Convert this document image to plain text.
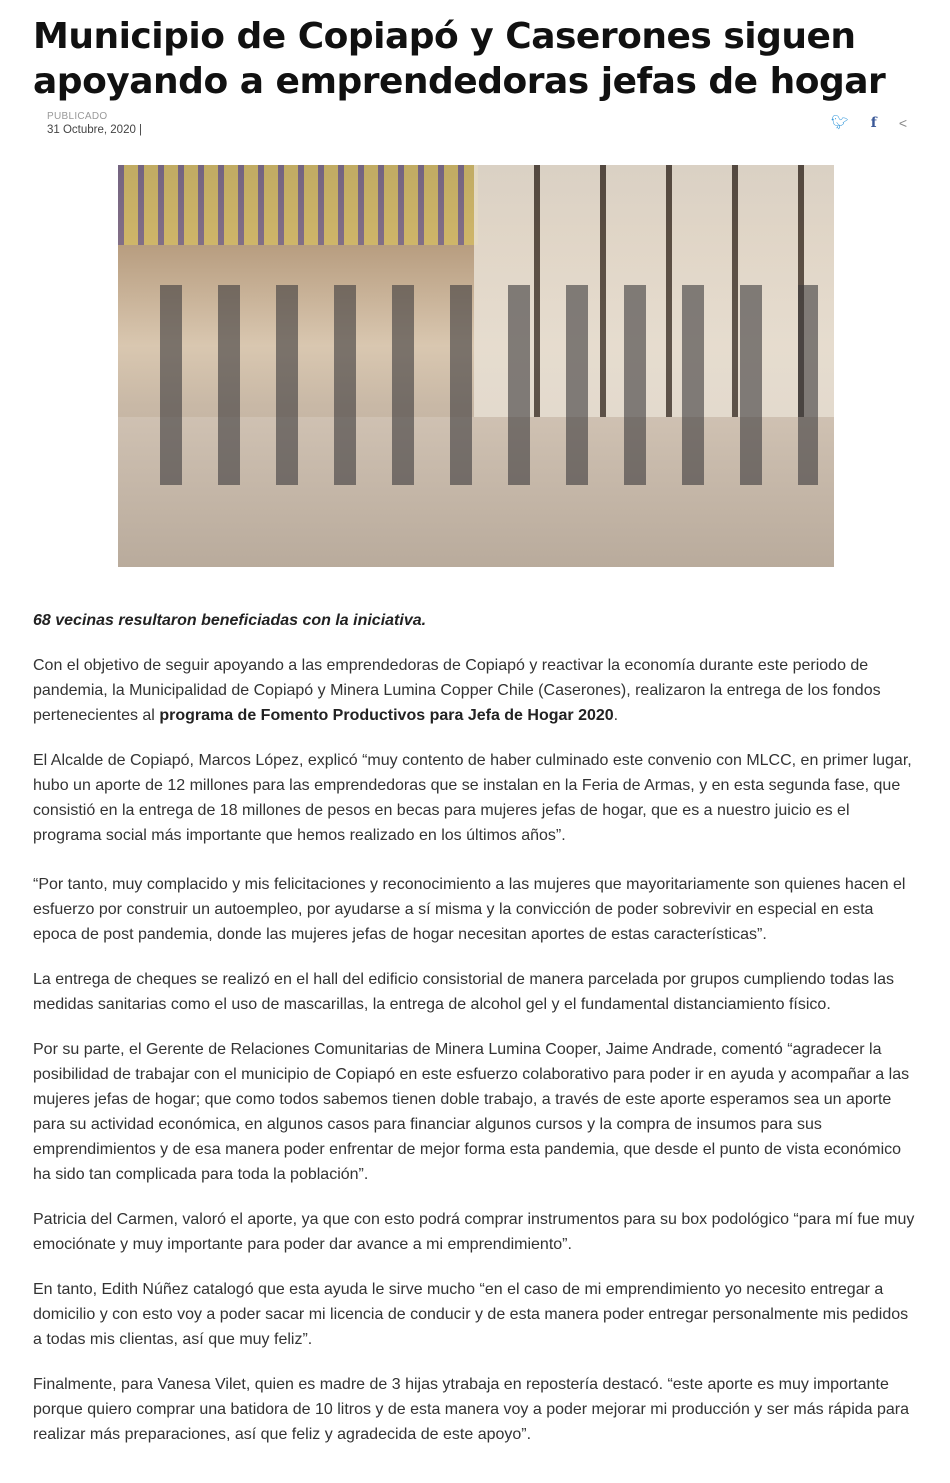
Municipio de Copiapó y Caserones siguen apoyando a emprendedoras jefas de hogar
PUBLICADO
31 Octubre, 2020 |	🐦︎ f <

68 vecinas resultaron beneficiadas con la iniciativa.

Con el objetivo de seguir apoyando a las emprendedoras de Copiapó y reactivar la economía durante este periodo de pandemia, la Municipalidad de Copiapó y Minera Lumina Copper Chile (Caserones), realizaron la entrega de los fondos pertenecientes al programa de Fomento Productivos para Jefa de Hogar 2020.

El Alcalde de Copiapó, Marcos López, explicó “muy contento de haber culminado este convenio con MLCC, en primer lugar, hubo un aporte de 12 millones para las emprendedoras que se instalan en la Feria de Armas, y en esta segunda fase, que consistió en la entrega de 18 millones de pesos en becas para mujeres jefas de hogar, que es a nuestro juicio es el programa social más importante que hemos realizado en los últimos años”.

“Por tanto, muy complacido y mis felicitaciones y reconocimiento a las mujeres que mayoritariamente son quienes hacen el esfuerzo por construir un autoempleo, por ayudarse a sí misma y la convicción de poder sobrevivir en especial en esta epoca de post pandemia, donde las mujeres jefas de hogar necesitan aportes de estas características”.

La entrega de cheques se realizó en el hall del edificio consistorial de manera parcelada por grupos cumpliendo todas las medidas sanitarias como el uso de mascarillas, la entrega de alcohol gel y el fundamental distanciamiento físico.

Por su parte, el Gerente de Relaciones Comunitarias de Minera Lumina Cooper, Jaime Andrade, comentó “agradecer la posibilidad de trabajar con el municipio de Copiapó en este esfuerzo colaborativo para poder ir en ayuda y acompañar a las mujeres jefas de hogar; que como todos sabemos tienen doble trabajo, a través de este aporte esperamos sea un aporte para su actividad económica, en algunos casos para financiar algunos cursos y la compra de insumos para sus emprendimientos y de esa manera poder enfrentar de mejor forma esta pandemia, que desde el punto de vista económico ha sido tan complicada para toda la población”.

Patricia del Carmen, valoró el aporte, ya que con esto podrá comprar instrumentos para su box podológico “para mí fue muy emociónate y muy importante para poder dar avance a mi emprendimiento”.

En tanto, Edith Núñez catalogó que esta ayuda le sirve mucho “en el caso de mi emprendimiento yo necesito entregar a domicilio y con esto voy a poder sacar mi licencia de conducir y de esta manera poder entregar personalmente mis pedidos a todas mis clientas, así que muy feliz”.

Finalmente, para Vanesa Vilet, quien es madre de 3 hijas ytrabaja en repostería destacó. “este aporte es muy importante porque quiero comprar una batidora de 10 litros y de esta manera voy a poder mejorar mi producción y ser más rápida para realizar más preparaciones, así que feliz y agradecida de este apoyo”.
